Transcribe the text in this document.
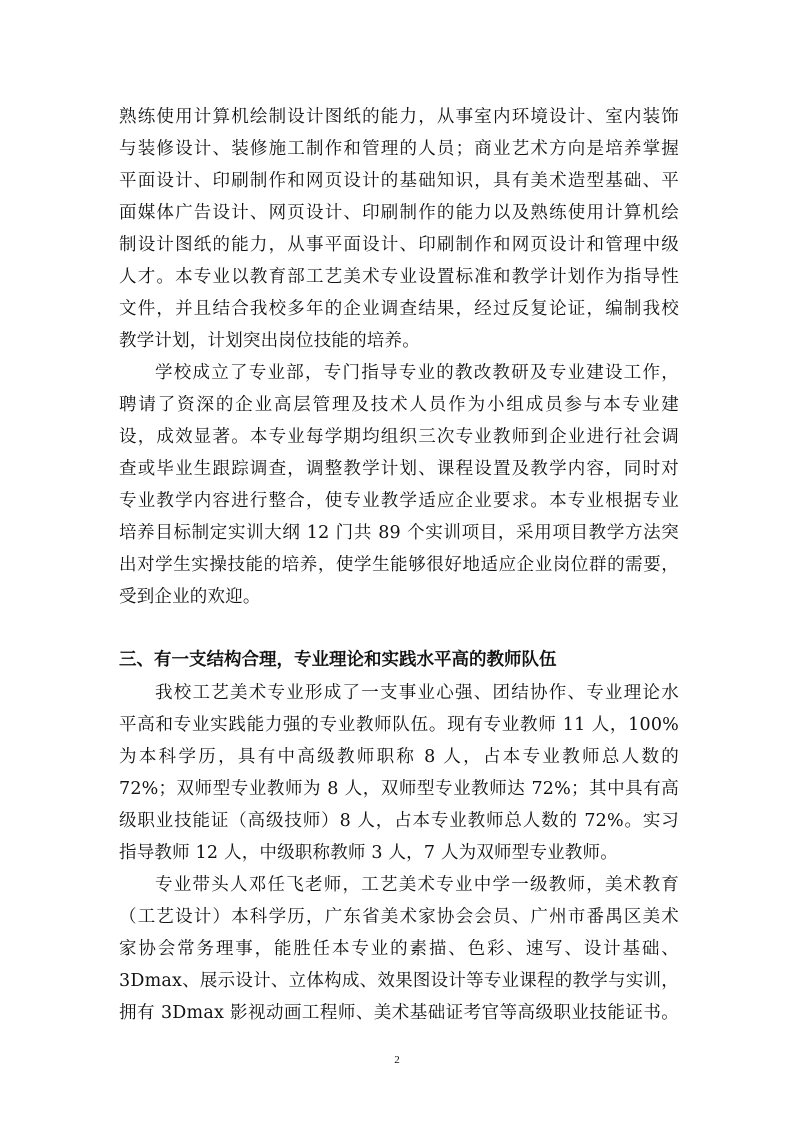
熟练使用计算机绘制设计图纸的能力，从事室内环境设计、室内装饰
与装修设计、装修施工制作和管理的人员；商业艺术方向是培养掌握
平面设计、印刷制作和网页设计的基础知识，具有美术造型基础、平
面媒体广告设计、网页设计、印刷制作的能力以及熟练使用计算机绘
制设计图纸的能力，从事平面设计、印刷制作和网页设计和管理中级
人才。本专业以教育部工艺美术专业设置标准和教学计划作为指导性
文件，并且结合我校多年的企业调查结果，经过反复论证，编制我校
教学计划，计划突出岗位技能的培养。
学校成立了专业部，专门指导专业的教改教研及专业建设工作，
聘请了资深的企业高层管理及技术人员作为小组成员参与本专业建
设，成效显著。本专业每学期均组织三次专业教师到企业进行社会调
查或毕业生跟踪调查，调整教学计划、课程设置及教学内容，同时对
专业教学内容进行整合，使专业教学适应企业要求。本专业根据专业
培养目标制定实训大纲 12 门共 89 个实训项目，采用项目教学方法突
出对学生实操技能的培养，使学生能够很好地适应企业岗位群的需要，
受到企业的欢迎。
三、有一支结构合理，专业理论和实践水平高的教师队伍
我校工艺美术专业形成了一支事业心强、团结协作、专业理论水
平高和专业实践能力强的专业教师队伍。现有专业教师 11 人，100%
为本科学历，具有中高级教师职称 8 人，占本专业教师总人数的
72%；双师型专业教师为 8 人，双师型专业教师达 72%；其中具有高
级职业技能证（高级技师）8 人，占本专业教师总人数的 72%。实习
指导教师 12 人，中级职称教师 3 人，7 人为双师型专业教师。
专业带头人邓任飞老师，工艺美术专业中学一级教师，美术教育
（工艺设计）本科学历，广东省美术家协会会员、广州市番禺区美术
家协会常务理事，能胜任本专业的素描、色彩、速写、设计基础、
3Dmax、展示设计、立体构成、效果图设计等专业课程的教学与实训，
拥有 3Dmax 影视动画工程师、美术基础证考官等高级职业技能证书。
2
